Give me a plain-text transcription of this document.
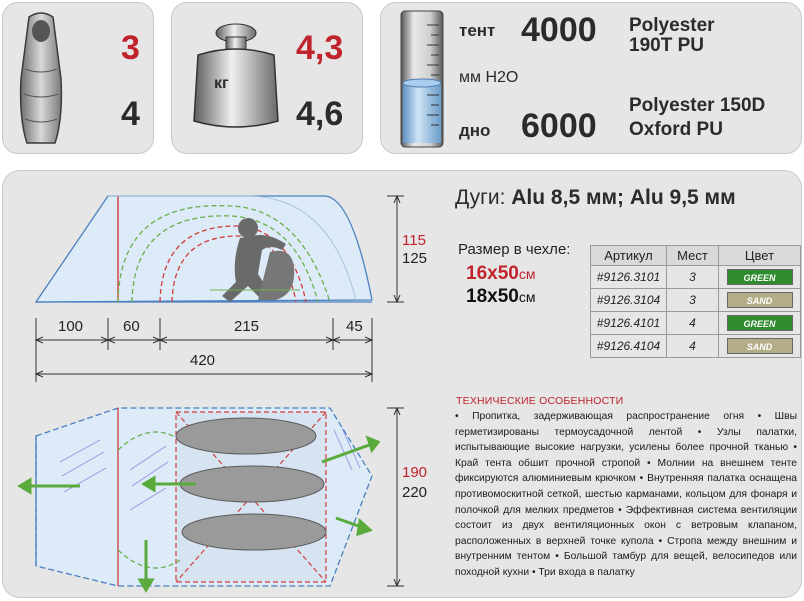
3
4
кг
4,3
4,6
тент 4000 Polyester
190T PU
мм H2O
дно 6000
Polyester 150D
Oxford PU
115
125
100	60	215	45
420
190
220
Дуги: Alu 8,5 мм; Alu 9,5 мм
Размер в чехле:
16x50см
18x50см
Артикул	Мест	Цвет
#9126.3101	3	GREEN
#9126.3104	3	SAND
#9126.4101	4	GREEN
#9126.4104	4	SAND
ТЕХНИЧЕСКИЕ ОСОБЕННОСТИ
• Пропитка, задерживающая распространение огня • Швы герметизированы термоусадочной лентой • Узлы палатки, испытывающие высокие нагрузки, усилены более прочной тканью • Край тента обшит прочной стропой • Молнии на внешнем тенте фиксируются алюминиевым крючком • Внутренняя палатка оснащена противомоскитной сеткой, шестью карманами, кольцом для фонаря и полочкой для мелких предметов • Эффективная система вентиляции состоит из двух вентиляционных окон с ветровым клапаном, расположенных в верхней точке купола • Стропа между внешним и внутренним тентом • Большой тамбур для вещей, велосипедов или походной кухни • Три входа в палатку
